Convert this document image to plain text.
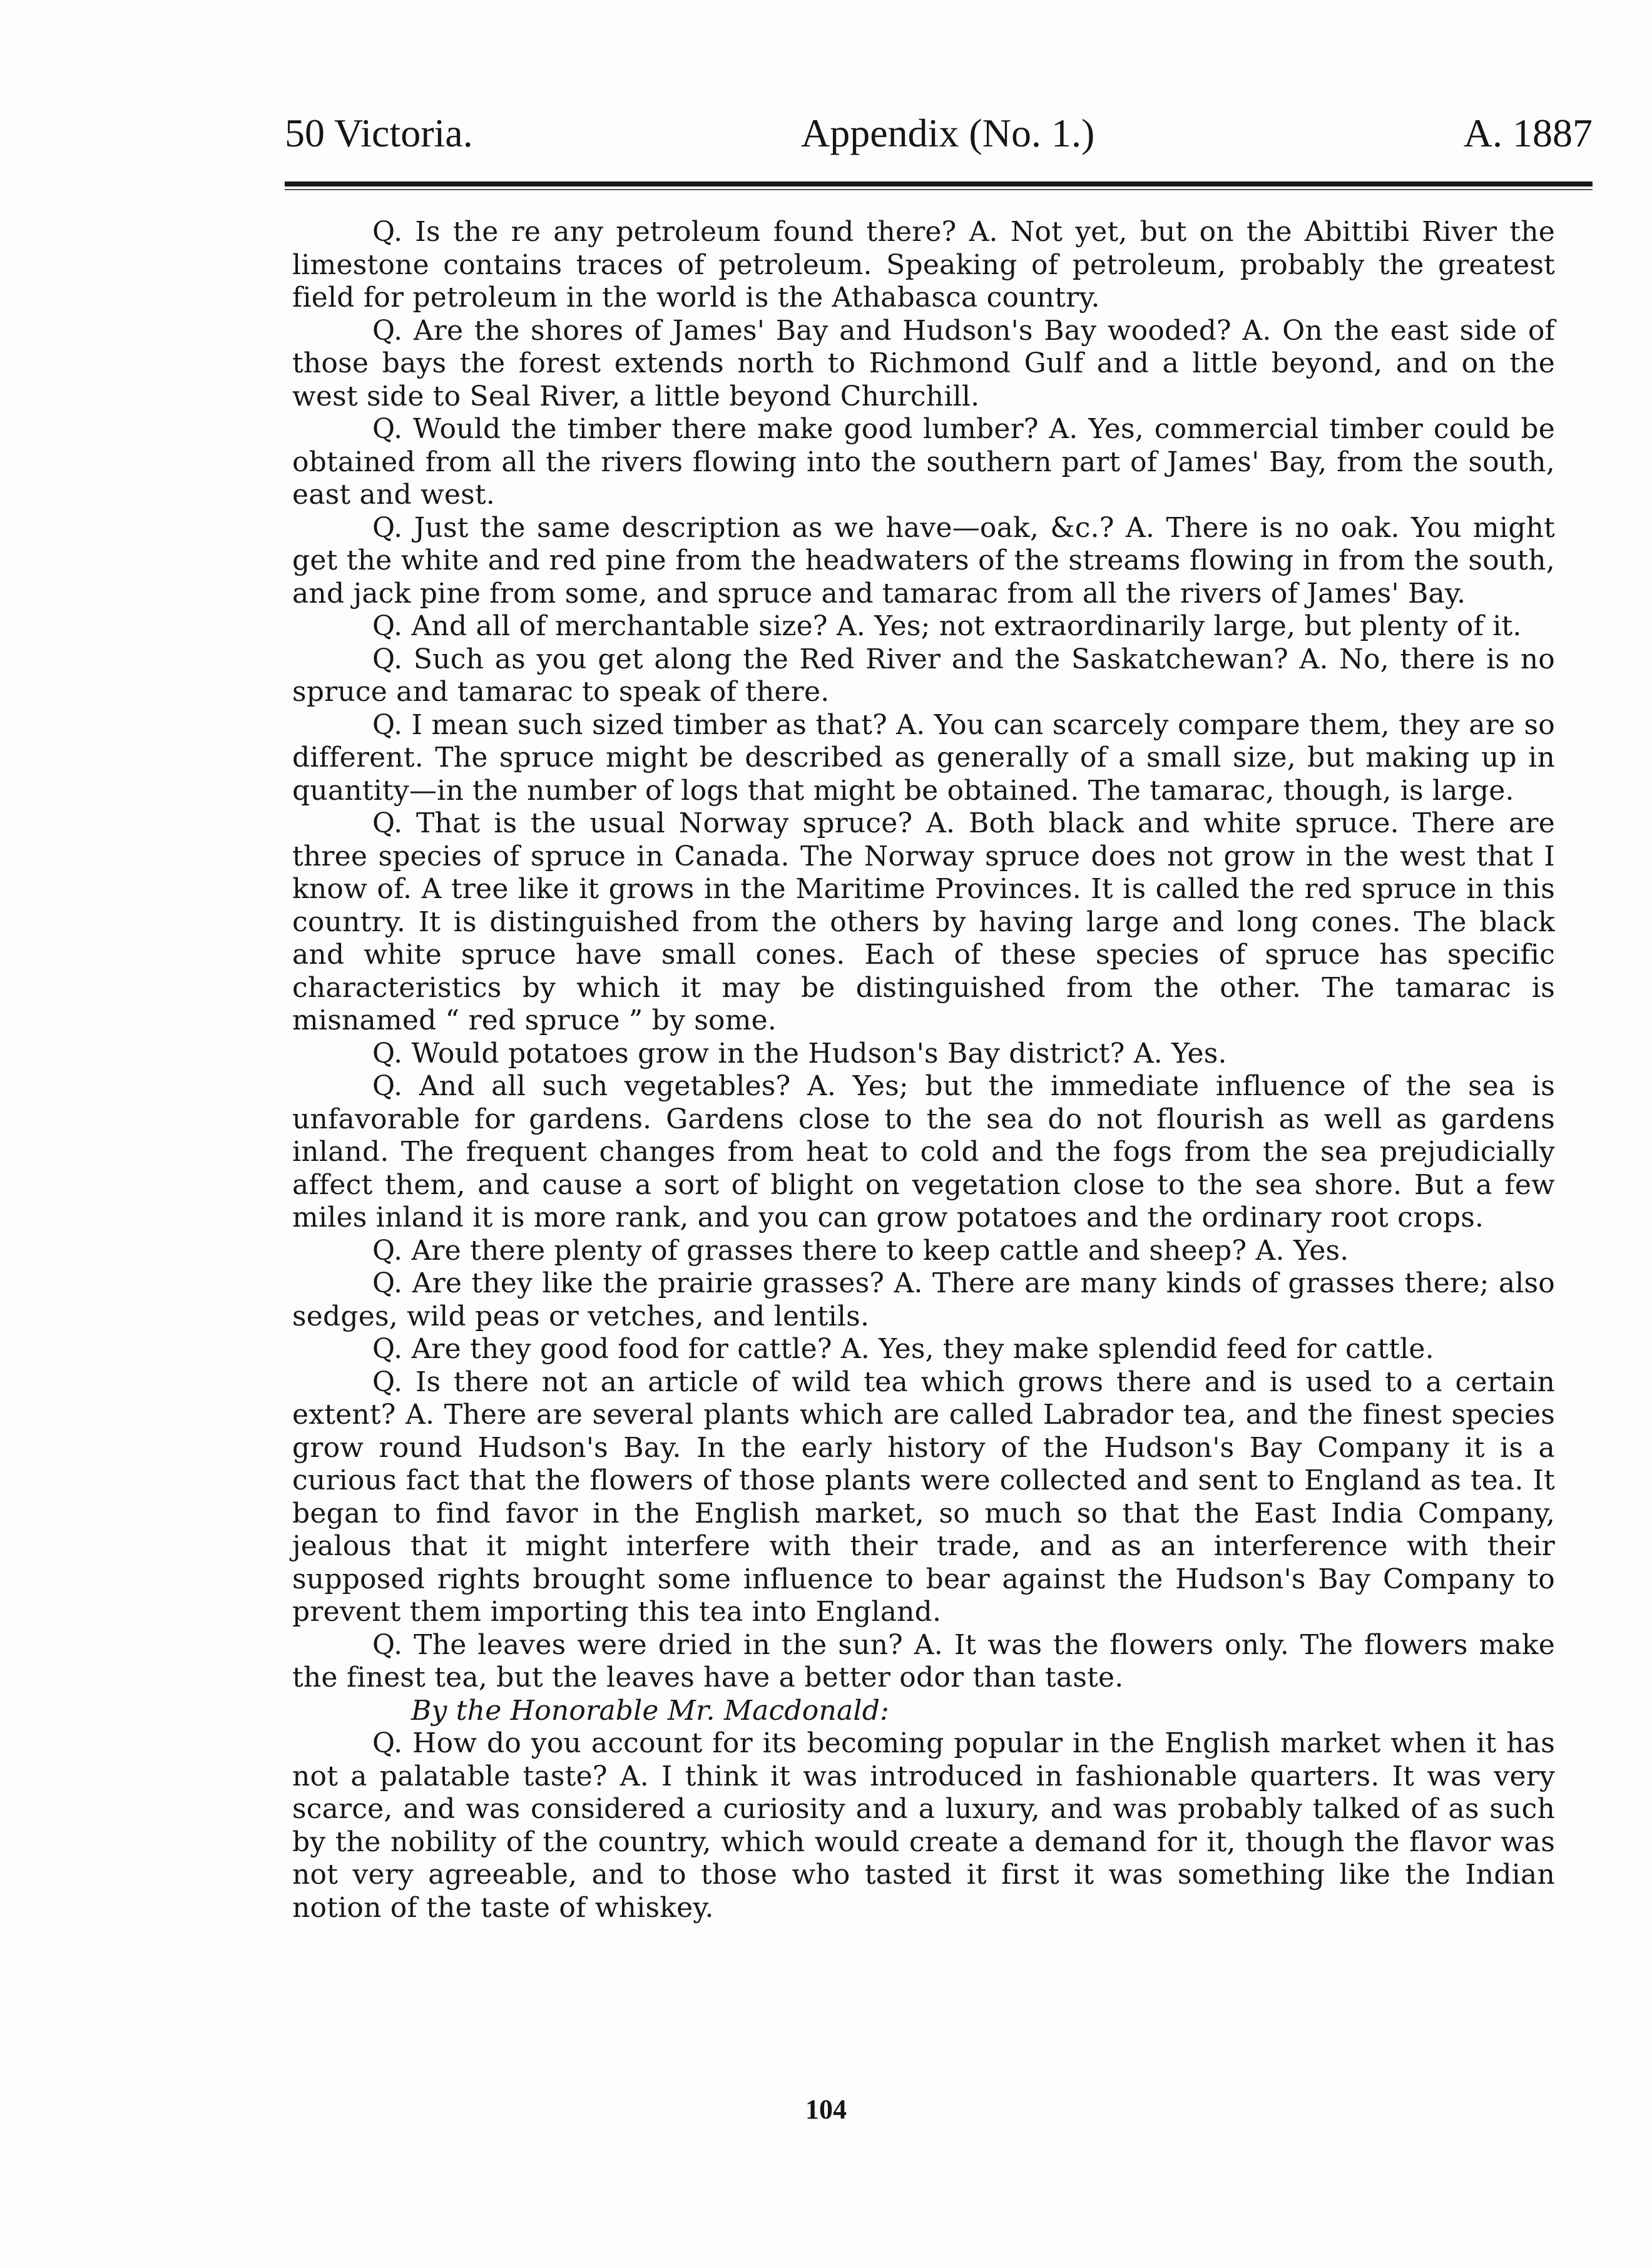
50 Victoria.	Appendix (No. 1.)	A. 1887

Q. Is the re any petroleum found there? A. Not yet, but on the Abittibi River the limestone contains traces of petroleum. Speaking of petroleum, probably the greatest field for petroleum in the world is the Athabasca country.

Q. Are the shores of James' Bay and Hudson's Bay wooded? A. On the east side of those bays the forest extends north to Richmond Gulf and a little beyond, and on the west side to Seal River, a little beyond Churchill.

Q. Would the timber there make good lumber? A. Yes, commercial timber could be obtained from all the rivers flowing into the southern part of James' Bay, from the south, east and west.

Q. Just the same description as we have—oak, &c.? A. There is no oak. You might get the white and red pine from the headwaters of the streams flowing in from the south, and jack pine from some, and spruce and tamarac from all the rivers of James' Bay.

Q. And all of merchantable size? A. Yes; not extraordinarily large, but plenty of it.

Q. Such as you get along the Red River and the Saskatchewan? A. No, there is no spruce and tamarac to speak of there.

Q. I mean such sized timber as that? A. You can scarcely compare them, they are so different. The spruce might be described as generally of a small size, but making up in quantity—in the number of logs that might be obtained. The tamarac, though, is large.

Q. That is the usual Norway spruce? A. Both black and white spruce. There are three species of spruce in Canada. The Norway spruce does not grow in the west that I know of. A tree like it grows in the Maritime Provinces. It is called the red spruce in this country. It is distinguished from the others by having large and long cones. The black and white spruce have small cones. Each of these species of spruce has specific characteristics by which it may be distinguished from the other. The tamarac is misnamed “ red spruce ” by some.

Q. Would potatoes grow in the Hudson's Bay district? A. Yes.

Q. And all such vegetables? A. Yes; but the immediate influence of the sea is unfavorable for gardens. Gardens close to the sea do not flourish as well as gardens inland. The frequent changes from heat to cold and the fogs from the sea prejudicially affect them, and cause a sort of blight on vegetation close to the sea shore. But a few miles inland it is more rank, and you can grow potatoes and the ordinary root crops.

Q. Are there plenty of grasses there to keep cattle and sheep? A. Yes.

Q. Are they like the prairie grasses? A. There are many kinds of grasses there; also sedges, wild peas or vetches, and lentils.

Q. Are they good food for cattle? A. Yes, they make splendid feed for cattle.

Q. Is there not an article of wild tea which grows there and is used to a certain extent? A. There are several plants which are called Labrador tea, and the finest species grow round Hudson's Bay. In the early history of the Hudson's Bay Company it is a curious fact that the flowers of those plants were collected and sent to England as tea. It began to find favor in the English market, so much so that the East India Company, jealous that it might interfere with their trade, and as an interference with their supposed rights brought some influence to bear against the Hudson's Bay Company to prevent them importing this tea into England.

Q. The leaves were dried in the sun? A. It was the flowers only. The flowers make the finest tea, but the leaves have a better odor than taste.

By the Honorable Mr. Macdonald:

Q. How do you account for its becoming popular in the English market when it has not a palatable taste? A. I think it was introduced in fashionable quarters. It was very scarce, and was considered a curiosity and a luxury, and was probably talked of as such by the nobility of the country, which would create a demand for it, though the flavor was not very agreeable, and to those who tasted it first it was something like the Indian notion of the taste of whiskey.

104
